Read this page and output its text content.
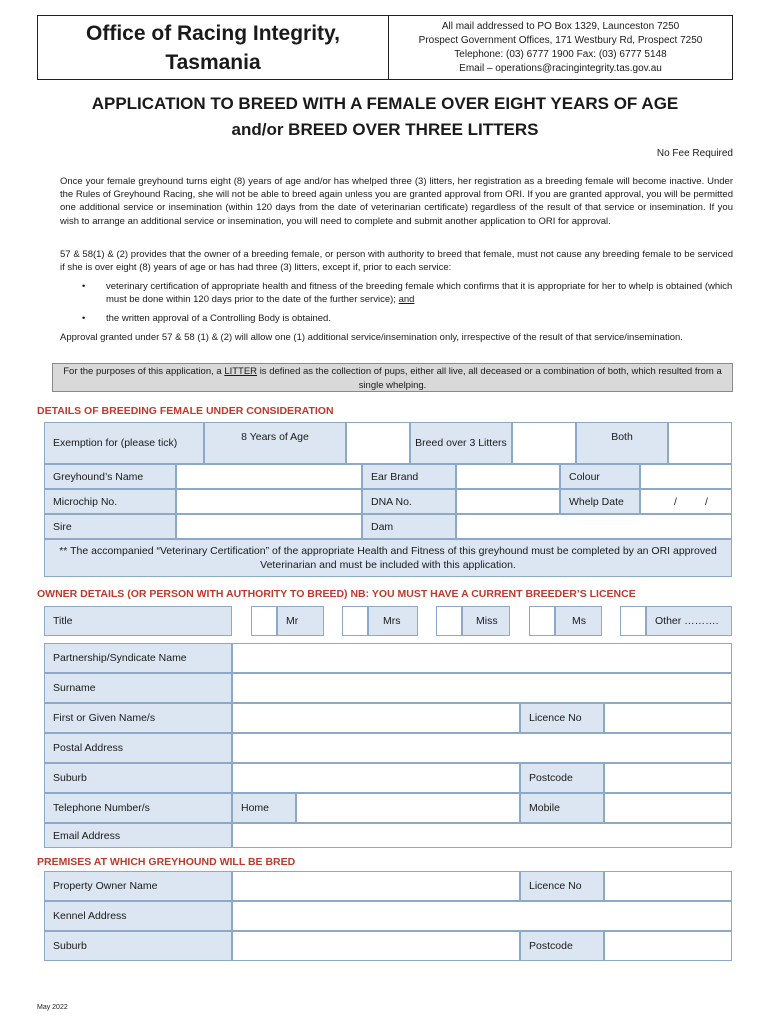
Office of Racing Integrity,
Tasmania
All mail addressed to PO Box 1329, Launceston 7250
Prospect Government Offices, 171 Westbury Rd, Prospect 7250
Telephone: (03) 6777 1900 Fax: (03) 6777 5148
Email – operations@racingintegrity.tas.gov.au
APPLICATION TO BREED WITH A FEMALE OVER EIGHT YEARS OF AGE
and/or BREED OVER THREE LITTERS
No Fee Required
Once your female greyhound turns eight (8) years of age and/or has whelped three (3) litters, her registration as a breeding female will become inactive. Under the Rules of Greyhound Racing, she will not be able to breed again unless you are granted approval from ORI. If you are granted approval, you will be permitted one additional service or insemination (within 120 days from the date of veterinarian certificate) regardless of the result of that service or insemination. If you wish to arrange an additional service or insemination, you will need to complete and submit another application to ORI for approval.
57 & 58(1) & (2) provides that the owner of a breeding female, or person with authority to breed that female, must not cause any breeding female to be serviced if she is over eight (8) years of age or has had three (3) litters, except if, prior to each service:
•	veterinary certification of appropriate health and fitness of the breeding female which confirms that it is appropriate for her to whelp is obtained (which must be done within 120 days prior to the date of the further service); and
•	the written approval of a Controlling Body is obtained.
Approval granted under 57 & 58 (1) & (2) will allow one (1) additional service/insemination only, irrespective of the result of that service/insemination.
For the purposes of this application, a LITTER is defined as the collection of pups, either all live, all deceased or a combination of both, which resulted from a single whelping.
DETAILS OF BREEDING FEMALE UNDER CONSIDERATION
Exemption for (please tick)	8 Years of Age	Breed over 3 Litters	Both
Greyhound’s Name	Ear Brand	Colour
Microchip No.	DNA No.	Whelp Date	/	/
Sire	Dam
** The accompanied “Veterinary Certification” of the appropriate Health and Fitness of this greyhound must be completed by an ORI approved Veterinarian and must be included with this application.
OWNER DETAILS (OR PERSON WITH AUTHORITY TO BREED) NB: YOU MUST HAVE A CURRENT BREEDER’S LICENCE
Title	Mr	Mrs	Miss	Ms	Other ……….
Partnership/Syndicate Name
Surname
First or Given Name/s	Licence No
Postal Address
Suburb	Postcode
Telephone Number/s	Home	Mobile
Email Address
PREMISES AT WHICH GREYHOUND WILL BE BRED
Property Owner Name	Licence No
Kennel Address
Suburb	Postcode
May 2022
